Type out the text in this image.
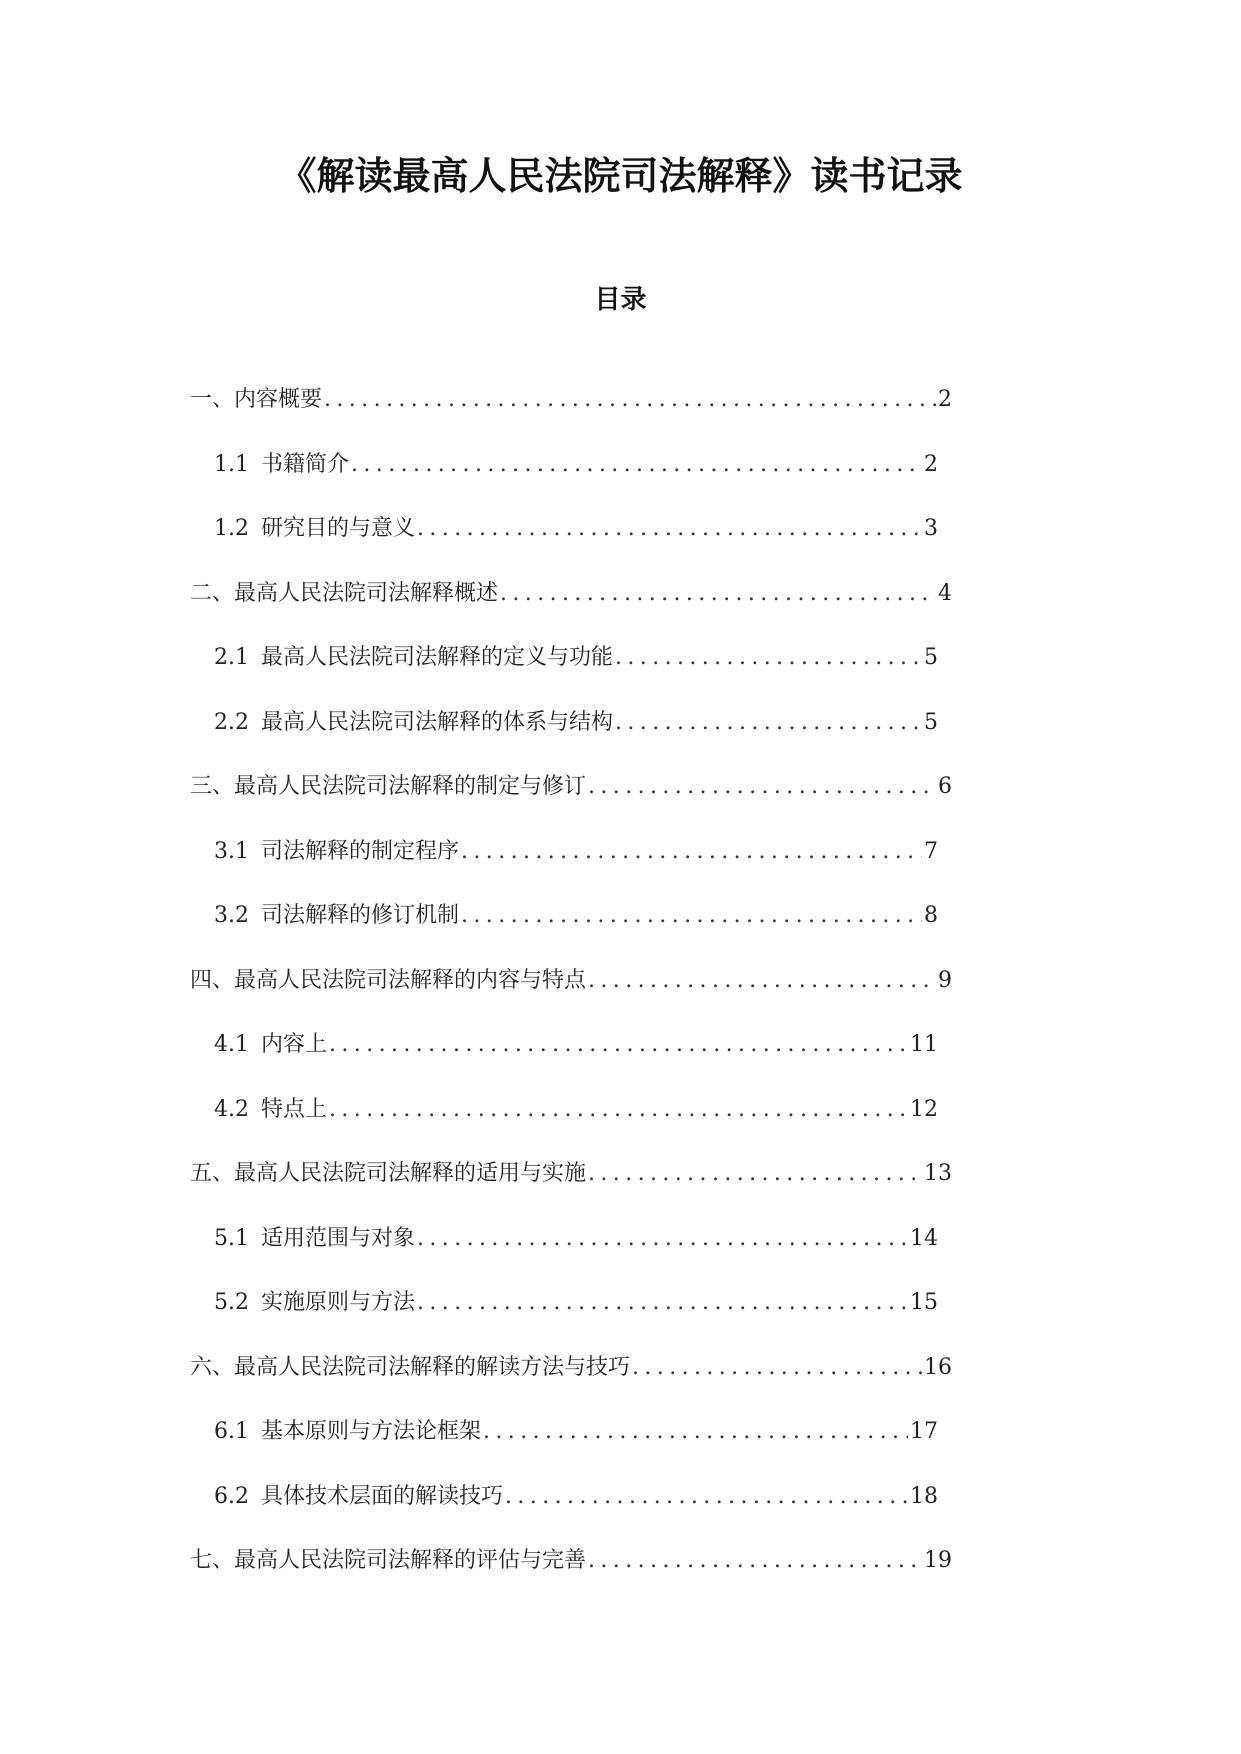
《解读最高人民法院司法解释》读书记录
目录
一、内容概要 .....	2
1.1 书籍简介 .....	2
1.2 研究目的与意义 .....	3
二、最高人民法院司法解释概述 .....	4
2.1 最高人民法院司法解释的定义与功能 .....	5
2.2 最高人民法院司法解释的体系与结构 .....	5
三、最高人民法院司法解释的制定与修订 .....	6
3.1 司法解释的制定程序 .....	7
3.2 司法解释的修订机制 .....	8
四、最高人民法院司法解释的内容与特点 .....	9
4.1 内容上 .....	11
4.2 特点上 .....	12
五、最高人民法院司法解释的适用与实施 .....	13
5.1 适用范围与对象 .....	14
5.2 实施原则与方法 .....	15
六、最高人民法院司法解释的解读方法与技巧 .....	16
6.1 基本原则与方法论框架 .....	17
6.2 具体技术层面的解读技巧 .....	18
七、最高人民法院司法解释的评估与完善 .....	19
